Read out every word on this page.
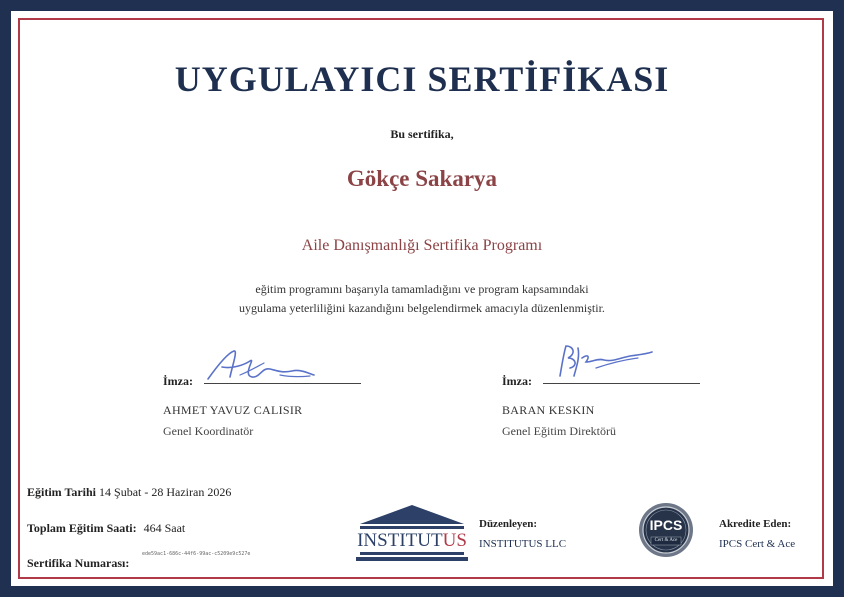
UYGULAYICI SERTİFİKASI
Bu sertifika,
Gökçe Sakarya
Aile Danışmanlığı Sertifika Programı
eğitim programını başarıyla tamamladığını ve program kapsamındaki
uygulama yeterliliğini kazandığını belgelendirmek amacıyla düzenlenmiştir.
İmza:
AHMET YAVUZ CALISIR
Genel Koordinatör
İmza:
BARAN KESKIN
Genel Eğitim Direktörü
Eğitim Tarihi 14 Şubat - 28 Haziran 2026
Toplam Eğitim Saati: 464 Saat
Sertifika Numarası:
ede59ac1-686c-44f6-99ac-c5209e9c527e
INSTITUTUS
Düzenleyen:
INSTITUTUS LLC
IPCS
Cert & Ace
Akredite Eden:
IPCS Cert & Ace
